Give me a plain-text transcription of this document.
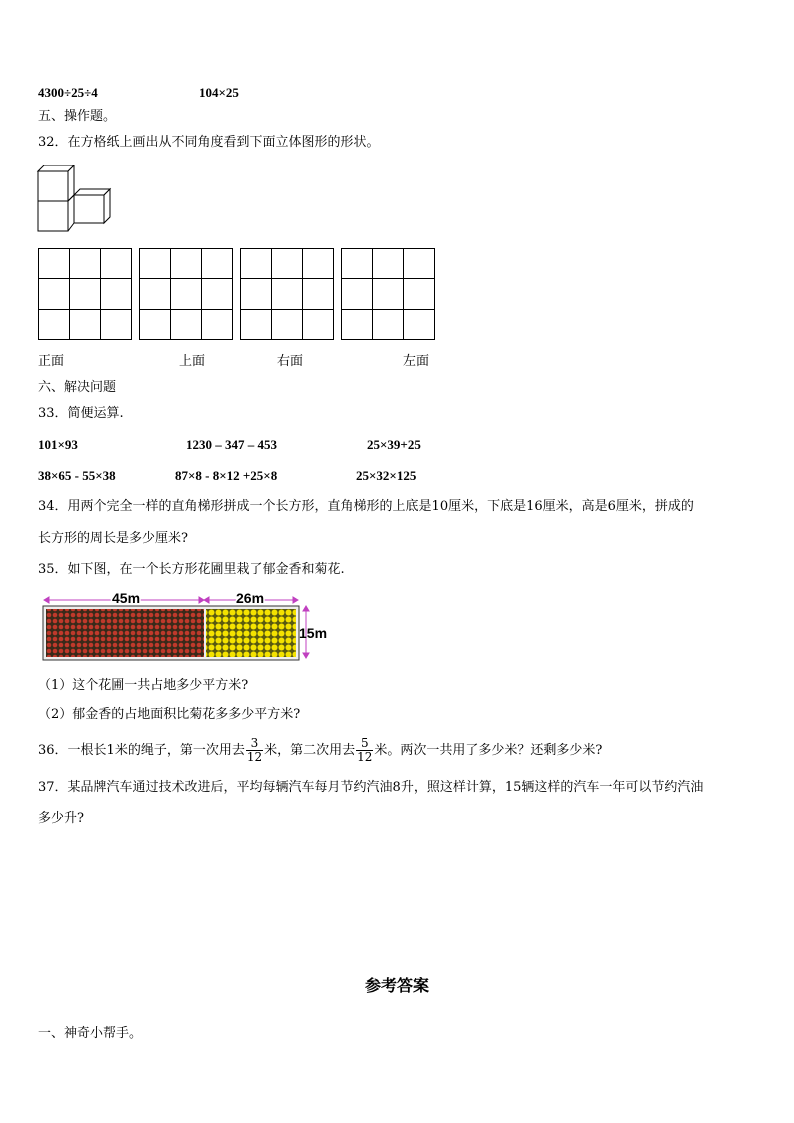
4300÷25÷4	104×25
五、操作题。
32．在方格纸上画出从不同角度看到下面立体图形的形状。
正面	上面	右面	左面
六、解决问题
33．简便运算.
101×93	1230 – 347 – 453	25×39+25
38×65 - 55×38	87×8 - 8×12 +25×8	25×32×125
34．用两个完全一样的直角梯形拼成一个长方形，直角梯形的上底是10厘米，下底是16厘米，高是6厘米，拼成的
长方形的周长是多少厘米?
35．如下图，在一个长方形花圃里栽了郁金香和菊花.
45m	26m
15m
（1）这个花圃一共占地多少平方米?
（2）郁金香的占地面积比菊花多多少平方米?
36．一根长1米的绳子，第一次用去 $\frac{3}{12}$ 米，第二次用去 $\frac{5}{12}$ 米。两次一共用了多少米？还剩多少米?
37．某品牌汽车通过技术改进后，平均每辆汽车每月节约汽油8升，照这样计算，15辆这样的汽车一年可以节约汽油
多少升?
参考答案
一、神奇小帮手。
